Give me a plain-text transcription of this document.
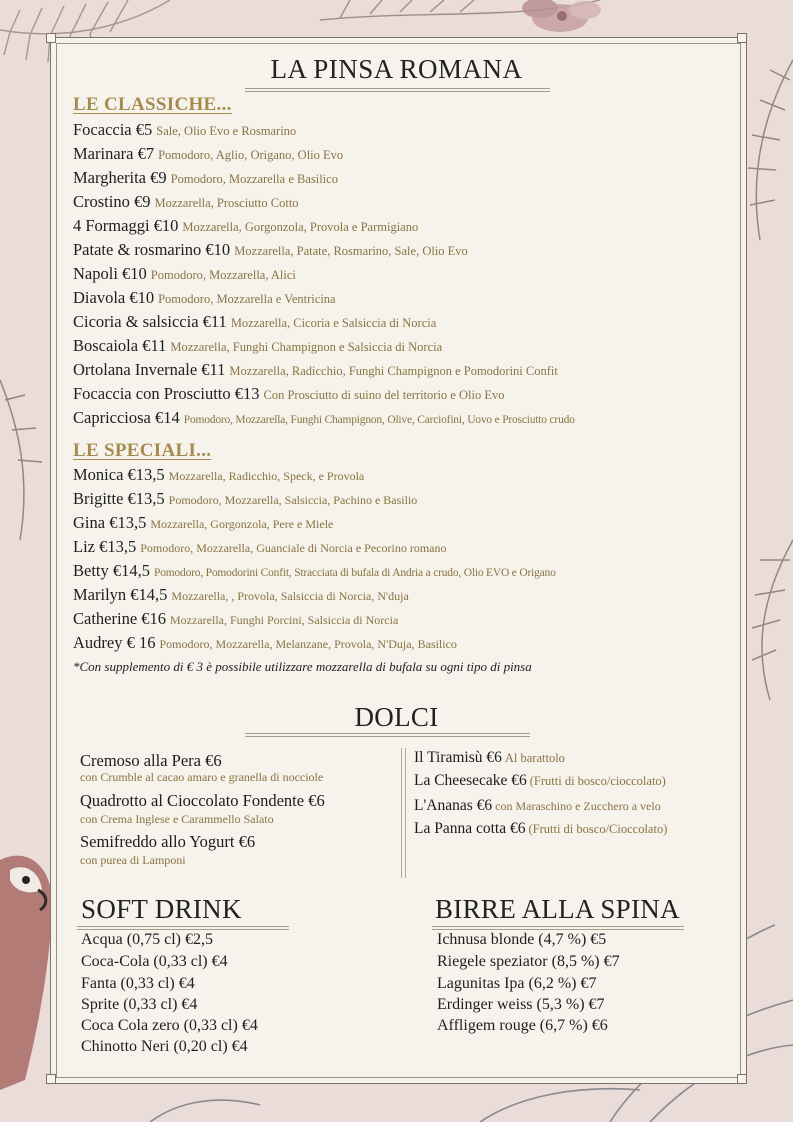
LA PINSA ROMANA
LE CLASSICHE...
Focaccia €5 Sale, Olio Evo e Rosmarino
Marinara €7 Pomodoro, Aglio, Origano, Olio Evo
Margherita €9 Pomodoro, Mozzarella e Basilico
Crostino €9 Mozzarella, Prosciutto Cotto
4 Formaggi €10 Mozzarella, Gorgonzola, Provola e Parmigiano
Patate & rosmarino €10 Mozzarella, Patate, Rosmarino, Sale, Olio Evo
Napoli €10 Pomodoro, Mozzarella, Alici
Diavola €10 Pomodoro, Mozzarella e Ventricina
Cicoria & salsiccia €11 Mozzarella, Cicoria e Salsiccia di Norcia
Boscaiola €11 Mozzarella, Funghi Champignon e Salsiccia di Norcia
Ortolana Invernale €11 Mozzarella, Radicchio, Funghi Champignon e Pomodorini Confit
Focaccia con Prosciutto €13 Con Prosciutto di suino del territorio e Olio Evo
Capricciosa €14 Pomodoro, Mozzarella, Funghi Champignon, Olive, Carciofini, Uovo e Prosciutto crudo
LE SPECIALI...
Monica €13,5 Mozzarella, Radicchio, Speck, e Provola
Brigitte €13,5 Pomodoro, Mozzarella, Salsiccia, Pachino e Basilio
Gina €13,5 Mozzarella, Gorgonzola, Pere e Miele
Liz €13,5 Pomodoro, Mozzarella, Guanciale di Norcia e Pecorino romano
Betty €14,5 Pomodoro, Pomodorini Confit, Stracciata di bufala di Andria a crudo, Olio EVO e Origano
Marilyn €14,5 Mozzarella, , Provola, Salsiccia di Norcia, N'duja
Catherine €16 Mozzarella, Funghi Porcini, Salsiccia di Norcia
Audrey € 16 Pomodoro, Mozzarella, Melanzane, Provola, N'Duja, Basilico
*Con supplemento di € 3 è possibile utilizzare mozzarella di bufala su ogni tipo di pinsa
DOLCI
Cremoso alla Pera €6
con Crumble al cacao amaro e granella di nocciole
Quadrotto al Cioccolato Fondente €6
con Crema Inglese e Carammello Salato
Semifreddo allo Yogurt €6
con purea di Lamponi
Il Tiramisù €6 Al barattolo
La Cheesecake €6 (Frutti di bosco/cioccolato)
L'Ananas €6 con Maraschino e Zucchero a velo
La Panna cotta €6 (Frutti di bosco/Cioccolato)
SOFT DRINK
Acqua (0,75 cl) €2,5
Coca-Cola (0,33 cl) €4
Fanta (0,33 cl) €4
Sprite (0,33 cl) €4
Coca Cola zero (0,33 cl) €4
Chinotto Neri (0,20 cl) €4
BIRRE ALLA SPINA
Ichnusa blonde (4,7 %) €5
Riegele speziator (8,5 %) €7
Lagunitas Ipa (6,2 %) €7
Erdinger weiss (5,3 %) €7
Affligem rouge (6,7 %) €6
